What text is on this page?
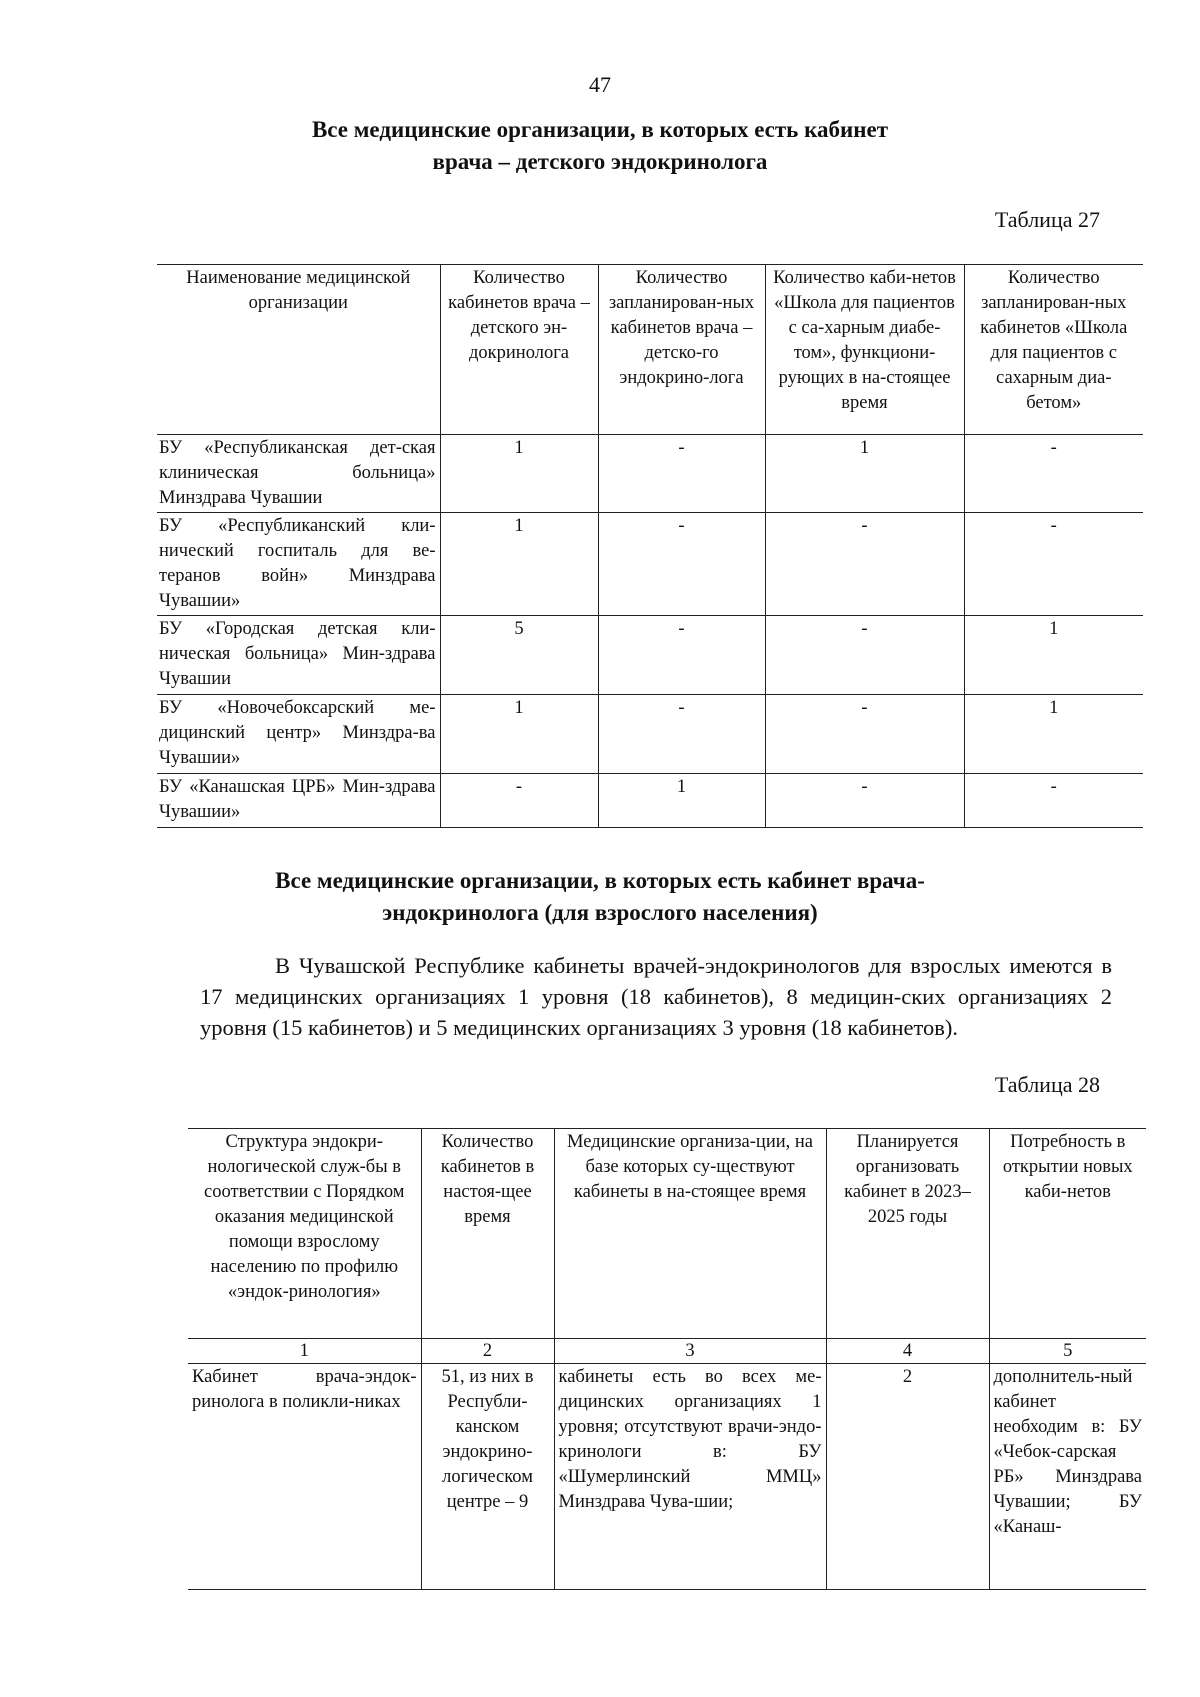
47
Все медицинские организации, в которых есть кабинет
врача – детского эндокринолога
Таблица 27
Наименование медицинской организации	Количество кабинетов врача – детского эн-докринолога	Количество запланирован-ных кабинетов врача – детско-го эндокрино-лога	Количество каби-нетов «Школа для пациентов с са-харным диабе-том», функциони-рующих в на-стоящее время	Количество запланирован-ных кабинетов «Школа для пациентов с сахарным диа-бетом»
БУ «Республиканская дет-ская клиническая больница» Минздрава Чувашии	1	-	1	-
БУ «Республиканский кли-нический госпиталь для ве-теранов войн» Минздрава Чувашии»	1	-	-	-
БУ «Городская детская кли-ническая больница» Мин-здрава Чувашии	5	-	-	1
БУ «Новочебоксарский ме-дицинский центр» Минздра-ва Чувашии»	1	-	-	1
БУ «Канашская ЦРБ» Мин-здрава Чувашии»	-	1	-	-
Все медицинские организации, в которых есть кабинет врача-
эндокринолога (для взрослого населения)
В Чувашской Республике кабинеты врачей-эндокринологов для взрослых имеются в 17 медицинских организациях 1 уровня (18 кабинетов), 8 медицин-ских организациях 2 уровня (15 кабинетов) и 5 медицинских организациях 3 уровня (18 кабинетов).
Таблица 28
Структура эндокри-нологической служ-бы в соответствии с Порядком оказания медицинской помощи взрослому населению по профилю «эндок-ринология»	Количество кабинетов в настоя-щее время	Медицинские организа-ции, на базе которых су-ществуют кабинеты в на-стоящее время	Планируется организовать кабинет в 2023–2025 годы	Потребность в открытии новых каби-нетов
1	2	3	4	5
Кабинет врача-эндок-ринолога в поликли-никах	51, из них в Республи-канском эндокрино-логическом центре – 9	кабинеты есть во всех ме-дицинских организациях 1 уровня; отсутствуют врачи-эндо-кринологи в: БУ «Шумерлинский ММЦ» Минздрава Чува-шии;	2	дополнитель-ный кабинет необходим в: БУ «Чебок-сарская РБ» Минздрава Чувашии; БУ «Канаш-
